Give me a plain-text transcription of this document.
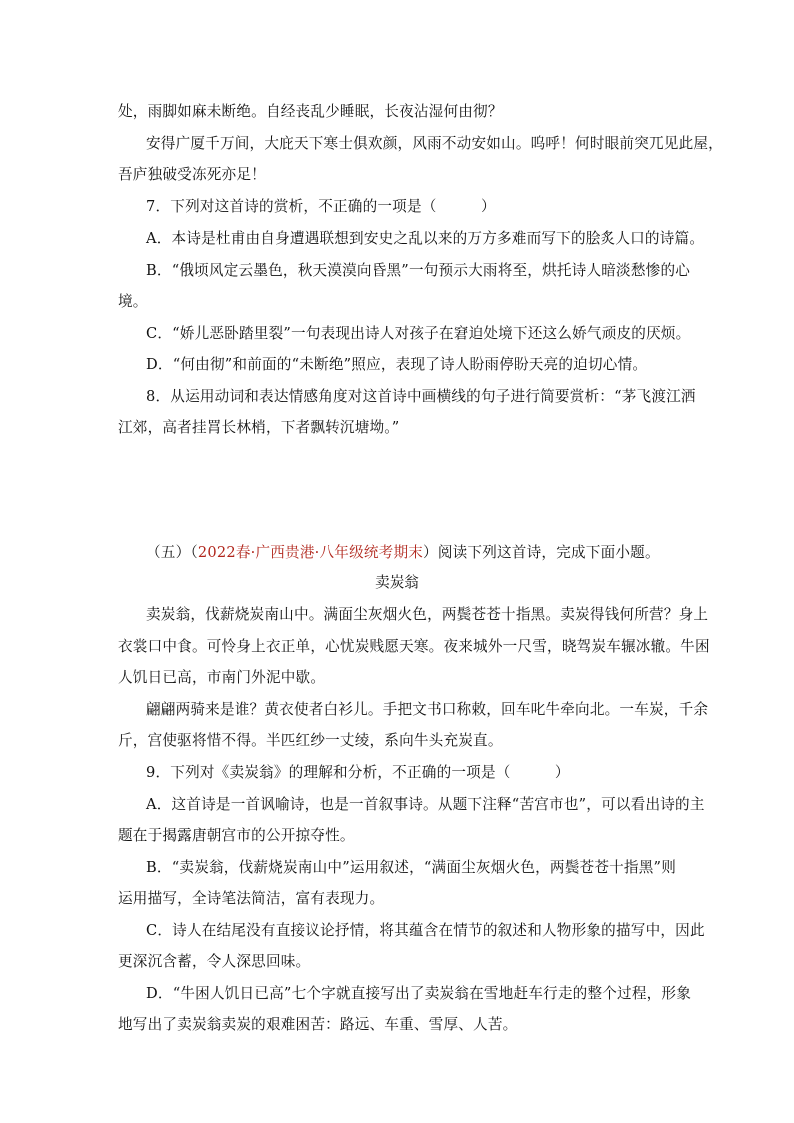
处，雨脚如麻未断绝。自经丧乱少睡眠，长夜沾湿何由彻？
安得广厦千万间，大庇天下寒士俱欢颜，风雨不动安如山。呜呼！何时眼前突兀见此屋，
吾庐独破受冻死亦足！
7．下列对这首诗的赏析，不正确的一项是（　　　）
A．本诗是杜甫由自身遭遇联想到安史之乱以来的万方多难而写下的脍炙人口的诗篇。
B．“俄顷风定云墨色，秋天漠漠向昏黑”一句预示大雨将至，烘托诗人暗淡愁惨的心
境。
C．“娇儿恶卧踏里裂”一句表现出诗人对孩子在窘迫处境下还这么娇气顽皮的厌烦。
D．“何由彻”和前面的“未断绝”照应，表现了诗人盼雨停盼天亮的迫切心情。
8．从运用动词和表达情感角度对这首诗中画横线的句子进行简要赏析：“茅飞渡江洒
江郊，高者挂罥长林梢，下者飘转沉塘坳。”
（五）（2022春·广西贵港·八年级统考期末）阅读下列这首诗，完成下面小题。
卖炭翁
卖炭翁，伐薪烧炭南山中。满面尘灰烟火色，两鬓苍苍十指黑。卖炭得钱何所营？身上
衣裳口中食。可怜身上衣正单，心忧炭贱愿天寒。夜来城外一尺雪，晓驾炭车辗冰辙。牛困
人饥日已高，市南门外泥中歇。
翩翩两骑来是谁？黄衣使者白衫儿。手把文书口称敕，回车叱牛牵向北。一车炭，千余
斤，宫使驱将惜不得。半匹红纱一丈绫，系向牛头充炭直。
9．下列对《卖炭翁》的理解和分析，不正确的一项是（　　　）
A．这首诗是一首讽喻诗，也是一首叙事诗。从题下注释“苦宫市也”，可以看出诗的主
题在于揭露唐朝宫市的公开掠夺性。
B．“卖炭翁，伐薪烧炭南山中”运用叙述，“满面尘灰烟火色，两鬓苍苍十指黑”则
运用描写，全诗笔法简洁，富有表现力。
C．诗人在结尾没有直接议论抒情，将其蕴含在情节的叙述和人物形象的描写中，因此
更深沉含蓄，令人深思回味。
D．“牛困人饥日已高”七个字就直接写出了卖炭翁在雪地赶车行走的整个过程，形象
地写出了卖炭翁卖炭的艰难困苦：路远、车重、雪厚、人苦。
